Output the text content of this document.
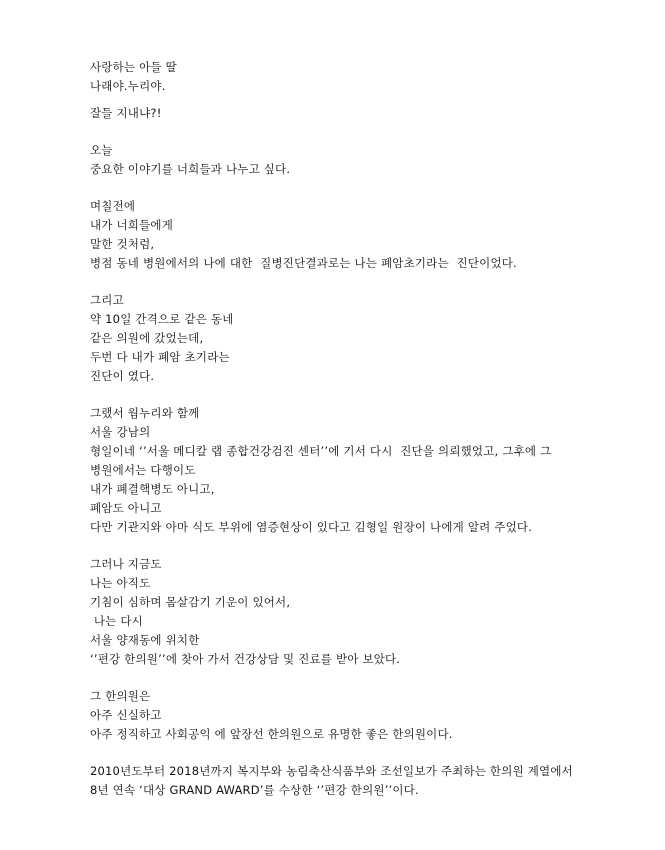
사랑하는 아들 딸

나래야.누리야.

잘들 지내냐?!

오늘

중요한 이야기를 너희들과 나누고 싶다.

며칠전에

내가 너희들에게

말한 것처럼,

병점 동네 병원에서의 나에 대한  질병진단결과로는 나는 폐암초기라는  진단이었다.

그리고

약 10일 간격으로 같은 동네

같은 의원에 갔었는데,

두번 다 내가 폐암 초기라는

진단이 였다.

그랬서 웜누리와 함께

서울 강남의

형일이네 ‘’서울 메디칼 랩 종합건강검진 센터’’에 기서 다시  진단을 의뢰했었고, 그후에 그

병원에서는 다행이도

내가 폐결핵병도 아니고,

폐암도 아니고

다만 기관지와 아마 식도 부위에 염증현상이 있다고 김형일 원장이 나에게 알려 주었다.

그러나 지금도

나는 아직도

기침이 심하며 몸살감기 기운이 있어서,

나는 다시

서울 양재동에 위치한

‘’편강 한의원’’에 찾아 가서 건강상담 및 진료를 받아 보았다.

그 한의원은

아주 신실하고

아주 정직하고 사회공익 에 앞장선 한의원으로 유명한 좋은 한의원이다.

2010년도부터 2018년까지 복지부와 농림축산식품부와 조선일보가 주최하는 한의원 계열에서

8년 연속 ‘대상 GRAND AWARD’를 수상한 ‘’편강 한의원’’이다.
